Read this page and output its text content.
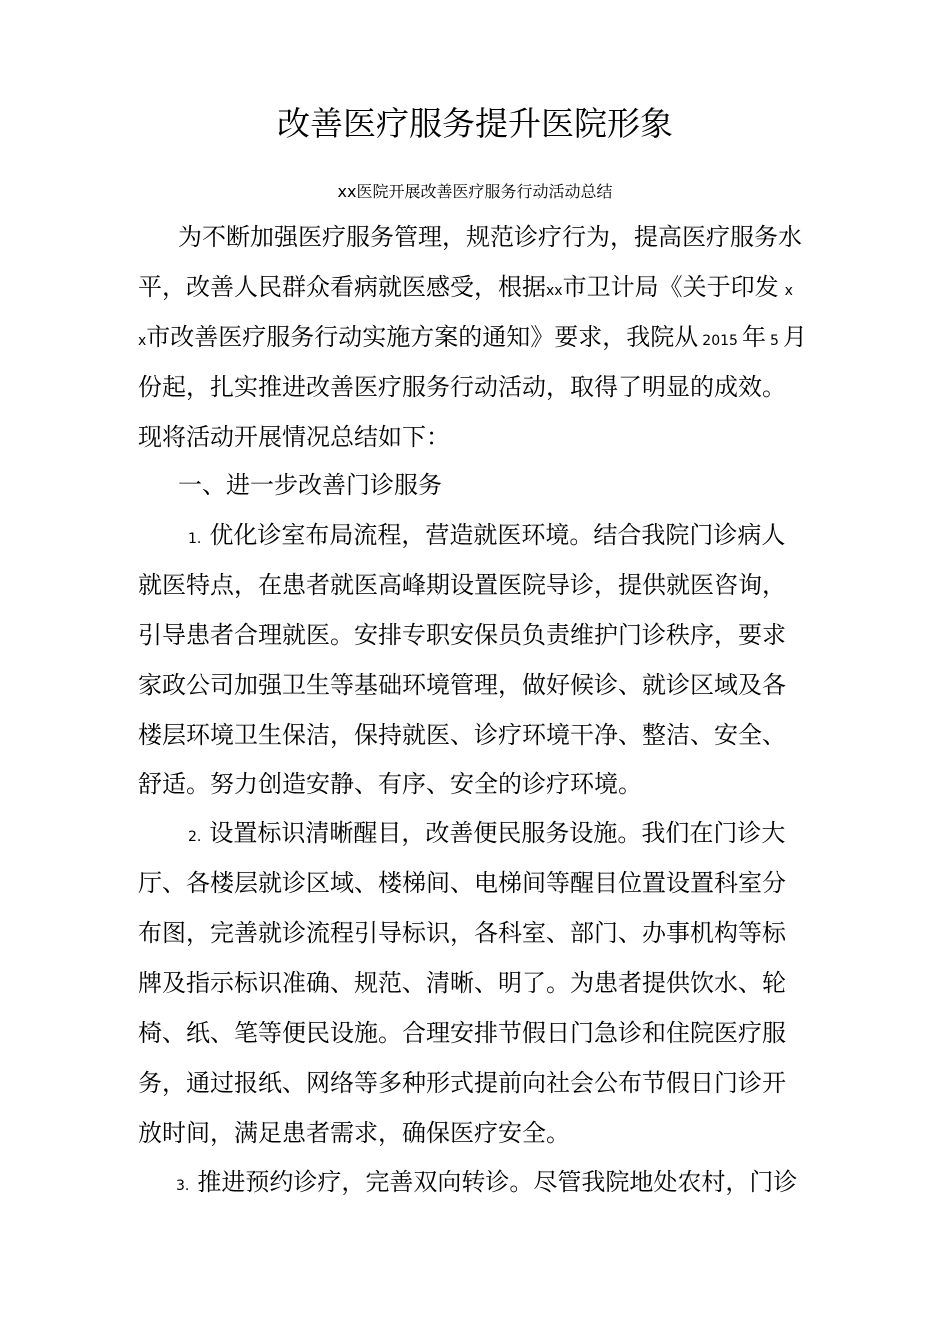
改善医疗服务提升医院形象
xx医院开展改善医疗服务行动活动总结
为不断加强医疗服务管理，规范诊疗行为，提高医疗服务水
平，改善人民群众看病就医感受，根据xx市卫计局《关于印发 x
x市改善医疗服务行动实施方案的通知》要求，我院从 2015 年 5 月
份起，扎实推进改善医疗服务行动活动，取得了明显的成效。
现将活动开展情况总结如下：
一、进一步改善门诊服务
1. 优化诊室布局流程，营造就医环境。结合我院门诊病人
就医特点，在患者就医高峰期设置医院导诊，提供就医咨询，
引导患者合理就医。安排专职安保员负责维护门诊秩序，要求
家政公司加强卫生等基础环境管理，做好候诊、就诊区域及各
楼层环境卫生保洁，保持就医、诊疗环境干净、整洁、安全、
舒适。努力创造安静、有序、安全的诊疗环境。
2. 设置标识清晰醒目，改善便民服务设施。我们在门诊大
厅、各楼层就诊区域、楼梯间、电梯间等醒目位置设置科室分
布图，完善就诊流程引导标识，各科室、部门、办事机构等标
牌及指示标识准确、规范、清晰、明了。为患者提供饮水、轮
椅、纸、笔等便民设施。合理安排节假日门急诊和住院医疗服
务，通过报纸、网络等多种形式提前向社会公布节假日门诊开
放时间，满足患者需求，确保医疗安全。
3. 推进预约诊疗，完善双向转诊。尽管我院地处农村，门诊
